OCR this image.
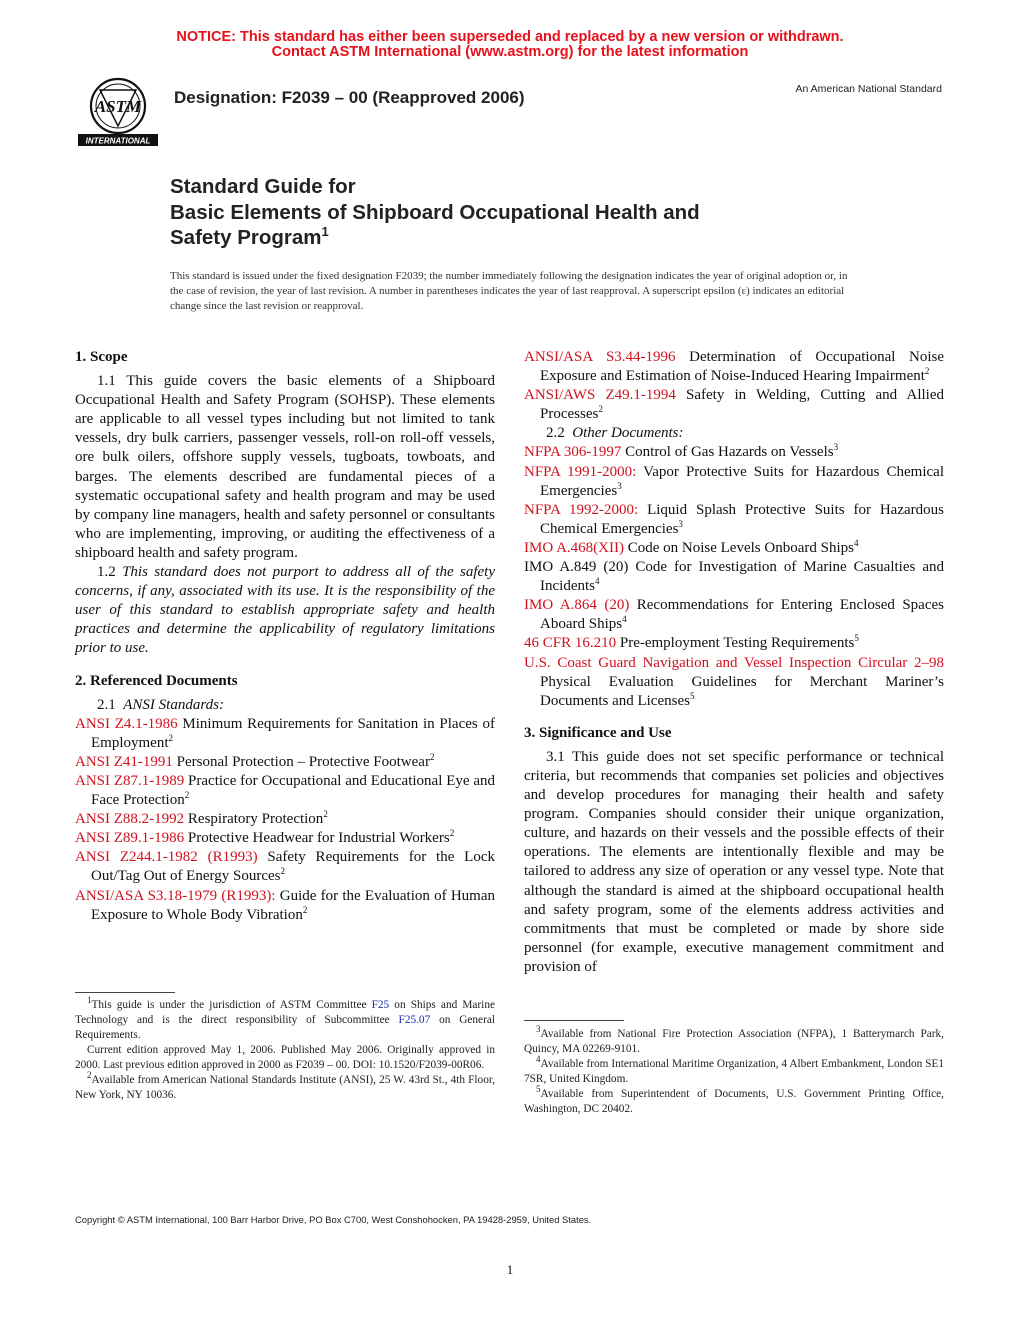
NOTICE: This standard has either been superseded and replaced by a new version or withdrawn.
Contact ASTM International (www.astm.org) for the latest information
ASTM
INTERNATIONAL
Designation: F2039 – 00 (Reapproved 2006)	An American National Standard
Standard Guide for
Basic Elements of Shipboard Occupational Health and
Safety Program$^1$
This standard is issued under the fixed designation F2039; the number immediately following the designation indicates the year of original adoption or, in the case of revision, the year of last revision. A number in parentheses indicates the year of last reapproval. A superscript epsilon (ε) indicates an editorial change since the last revision or reapproval.

1. Scope

1.1 This guide covers the basic elements of a Shipboard Occupational Health and Safety Program (SOHSP). These elements are applicable to all vessel types including but not limited to tank vessels, dry bulk carriers, passenger vessels, roll-on roll-off vessels, ore bulk oilers, offshore supply vessels, tugboats, towboats, and barges. The elements described are fundamental pieces of a systematic occupational safety and health program and may be used by company line managers, health and safety personnel or consultants who are implementing, improving, or auditing the effectiveness of a shipboard health and safety program.

1.2 This standard does not purport to address all of the safety concerns, if any, associated with its use. It is the responsibility of the user of this standard to establish appropriate safety and health practices and determine the applicability of regulatory limitations prior to use.

2. Referenced Documents

2.1 ANSI Standards:

ANSI Z4.1-1986 Minimum Requirements for Sanitation in Places of Employment$^2$

ANSI Z41-1991 Personal Protection – Protective Footwear$^2$

ANSI Z87.1-1989 Practice for Occupational and Educational Eye and Face Protection$^2$

ANSI Z88.2-1992 Respiratory Protection$^2$

ANSI Z89.1-1986 Protective Headwear for Industrial Workers$^2$

ANSI Z244.1-1982 (R1993) Safety Requirements for the Lock Out/Tag Out of Energy Sources$^2$

ANSI/ASA S3.18-1979 (R1993): Guide for the Evaluation of Human Exposure to Whole Body Vibration$^2$

ANSI/ASA S3.44-1996 Determination of Occupational Noise Exposure and Estimation of Noise-Induced Hearing Impairment$^2$

ANSI/AWS Z49.1-1994 Safety in Welding, Cutting and Allied Processes$^2$

2.2 Other Documents:

NFPA 306-1997 Control of Gas Hazards on Vessels$^3$

NFPA 1991-2000: Vapor Protective Suits for Hazardous Chemical Emergencies$^3$

NFPA 1992-2000: Liquid Splash Protective Suits for Hazardous Chemical Emergencies$^3$

IMO A.468(XII) Code on Noise Levels Onboard Ships$^4$

IMO A.849 (20) Code for Investigation of Marine Casualties and Incidents$^4$

IMO A.864 (20) Recommendations for Entering Enclosed Spaces Aboard Ships$^4$

46 CFR 16.210 Pre-employment Testing Requirements$^5$

U.S. Coast Guard Navigation and Vessel Inspection Circular 2–98 Physical Evaluation Guidelines for Merchant Mariner’s Documents and Licenses$^5$

3. Significance and Use

3.1 This guide does not set specific performance or technical criteria, but recommends that companies set policies and objectives and develop procedures for managing their health and safety program. Companies should consider their unique organization, culture, and hazards on their vessels and the possible effects of their operations. The elements are intentionally flexible and may be tailored to address any size of operation or any vessel type. Note that although the standard is aimed at the shipboard occupational health and safety program, some of the elements address activities and commitments that must be completed or made by shore side personnel (for example, executive management commitment and provision of

$^1$This guide is under the jurisdiction of ASTM Committee F25 on Ships and Marine Technology and is the direct responsibility of Subcommittee F25.07 on General Requirements.

Current edition approved May 1, 2006. Published May 2006. Originally approved in 2000. Last previous edition approved in 2000 as F2039 – 00. DOI: 10.1520/F2039-00R06.

$^2$Available from American National Standards Institute (ANSI), 25 W. 43rd St., 4th Floor, New York, NY 10036.

$^3$Available from National Fire Protection Association (NFPA), 1 Batterymarch Park, Quincy, MA 02269-9101.

$^4$Available from International Maritime Organization, 4 Albert Embankment, London SE1 7SR, United Kingdom.

$^5$Available from Superintendent of Documents, U.S. Government Printing Office, Washington, DC 20402.

Copyright © ASTM International, 100 Barr Harbor Drive, PO Box C700, West Conshohocken, PA 19428-2959, United States.
1
